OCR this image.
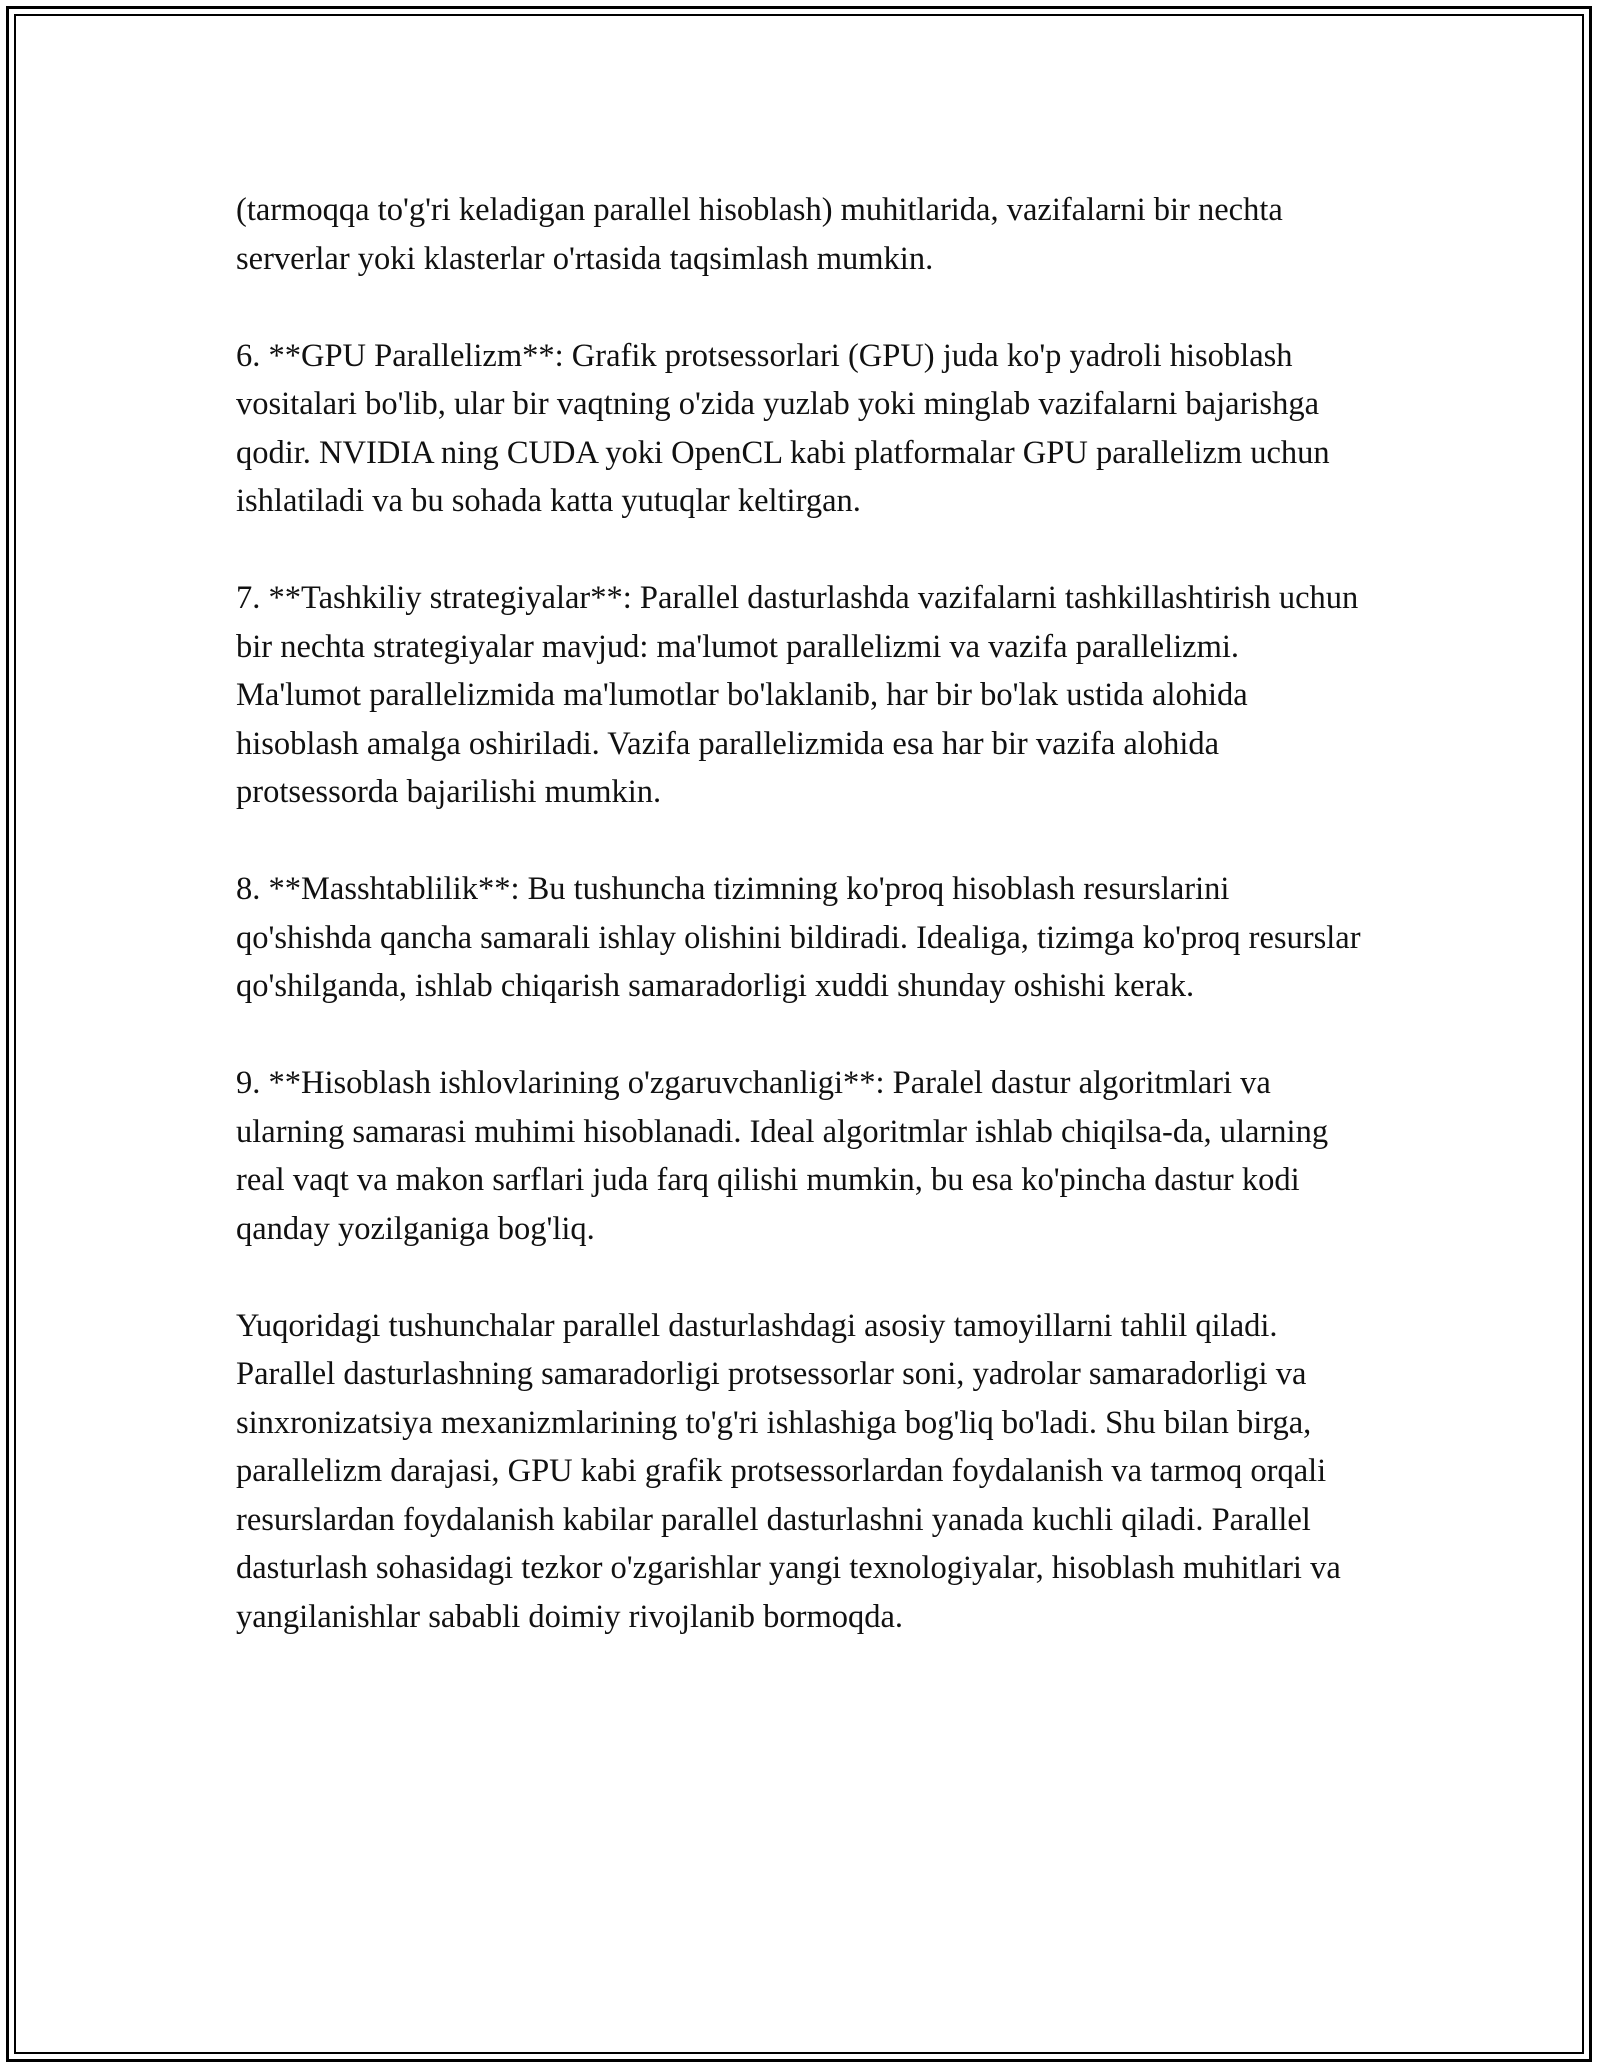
(tarmoqqa to'g'ri keladigan parallel hisoblash) muhitlarida, vazifalarni bir nechta serverlar yoki klasterlar o'rtasida taqsimlash mumkin.

6. **GPU Parallelizm**: Grafik protsessorlari (GPU) juda ko'p yadroli hisoblash vositalari bo'lib, ular bir vaqtning o'zida yuzlab yoki minglab vazifalarni bajarishga qodir. NVIDIA ning CUDA yoki OpenCL kabi platformalar GPU parallelizm uchun ishlatiladi va bu sohada katta yutuqlar keltirgan.

7. **Tashkiliy strategiyalar**: Parallel dasturlashda vazifalarni tashkillashtirish uchun bir nechta strategiyalar mavjud: ma'lumot parallelizmi va vazifa parallelizmi. Ma'lumot parallelizmida ma'lumotlar bo'laklanib, har bir bo'lak ustida alohida hisoblash amalga oshiriladi. Vazifa parallelizmida esa har bir vazifa alohida protsessorda bajarilishi mumkin.

8. **Masshtablilik**: Bu tushuncha tizimning ko'proq hisoblash resurslarini qo'shishda qancha samarali ishlay olishini bildiradi. Idealiga, tizimga ko'proq resurslar qo'shilganda, ishlab chiqarish samaradorligi xuddi shunday oshishi kerak.

9. **Hisoblash ishlovlarining o'zgaruvchanligi**: Paralel dastur algoritmlari va ularning samarasi muhimi hisoblanadi. Ideal algoritmlar ishlab chiqilsa-da, ularning real vaqt va makon sarflari juda farq qilishi mumkin, bu esa ko'pincha dastur kodi qanday yozilganiga bog'liq.

Yuqoridagi tushunchalar parallel dasturlashdagi asosiy tamoyillarni tahlil qiladi. Parallel dasturlashning samaradorligi protsessorlar soni, yadrolar samaradorligi va sinxronizatsiya mexanizmlarining to'g'ri ishlashiga bog'liq bo'ladi. Shu bilan birga, parallelizm darajasi, GPU kabi grafik protsessorlardan foydalanish va tarmoq orqali resurslardan foydalanish kabilar parallel dasturlashni yanada kuchli qiladi. Parallel dasturlash sohasidagi tezkor o'zgarishlar yangi texnologiyalar, hisoblash muhitlari va yangilanishlar sababli doimiy rivojlanib bormoqda.
